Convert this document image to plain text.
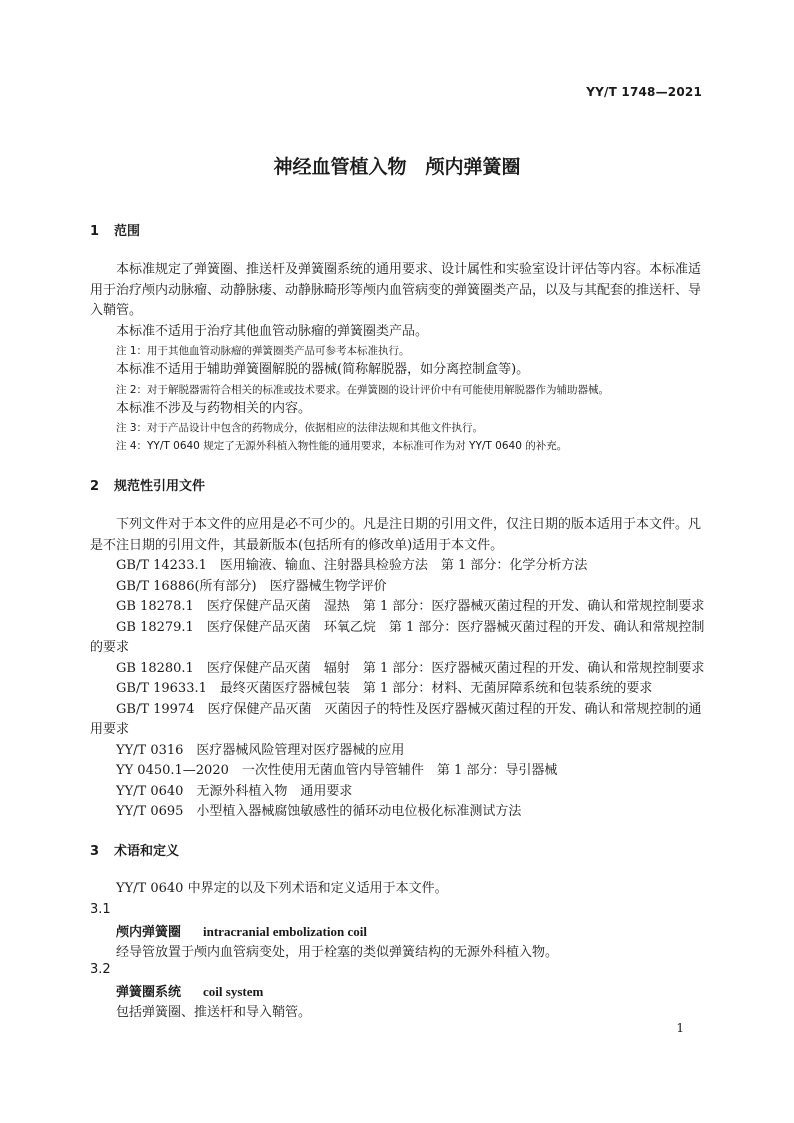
YY/T 1748—2021
神经血管植入物　颅内弹簧圈
1 范围

本标准规定了弹簧圈、推送杆及弹簧圈系统的通用要求、设计属性和实验室设计评估等内容。本标准适用于治疗颅内动脉瘤、动静脉瘘、动静脉畸形等颅内血管病变的弹簧圈类产品，以及与其配套的推送杆、导入鞘管。

本标准不适用于治疗其他血管动脉瘤的弹簧圈类产品。

注 1：用于其他血管动脉瘤的弹簧圈类产品可参考本标准执行。

本标准不适用于辅助弹簧圈解脱的器械(简称解脱器，如分离控制盒等)。

注 2：对于解脱器需符合相关的标准或技术要求。在弹簧圈的设计评价中有可能使用解脱器作为辅助器械。

本标准不涉及与药物相关的内容。

注 3：对于产品设计中包含的药物成分，依据相应的法律法规和其他文件执行。

注 4：YY/T 0640 规定了无源外科植入物性能的通用要求，本标准可作为对 YY/T 0640 的补充。

2 规范性引用文件

下列文件对于本文件的应用是必不可少的。凡是注日期的引用文件，仅注日期的版本适用于本文件。凡是不注日期的引用文件，其最新版本(包括所有的修改单)适用于本文件。

GB/T 14233.1　医用输液、输血、注射器具检验方法　第 1 部分：化学分析方法

GB/T 16886(所有部分)　医疗器械生物学评价

GB 18278.1　医疗保健产品灭菌　湿热　第 1 部分：医疗器械灭菌过程的开发、确认和常规控制要求

GB 18279.1　医疗保健产品灭菌　环氧乙烷　第 1 部分：医疗器械灭菌过程的开发、确认和常规控制的要求

GB 18280.1　医疗保健产品灭菌　辐射　第 1 部分：医疗器械灭菌过程的开发、确认和常规控制要求

GB/T 19633.1　最终灭菌医疗器械包装　第 1 部分：材料、无菌屏障系统和包装系统的要求

GB/T 19974　医疗保健产品灭菌　灭菌因子的特性及医疗器械灭菌过程的开发、确认和常规控制的通用要求

YY/T 0316　医疗器械风险管理对医疗器械的应用

YY 0450.1—2020　一次性使用无菌血管内导管辅件　第 1 部分：导引器械

YY/T 0640　无源外科植入物　通用要求

YY/T 0695　小型植入器械腐蚀敏感性的循环动电位极化标准测试方法

3 术语和定义

YY/T 0640 中界定的以及下列术语和定义适用于本文件。

3.1
颅内弹簧圈 intracranial embolization coil
经导管放置于颅内血管病变处，用于栓塞的类似弹簧结构的无源外科植入物。
3.2
弹簧圈系统 coil system
包括弹簧圈、推送杆和导入鞘管。
1
